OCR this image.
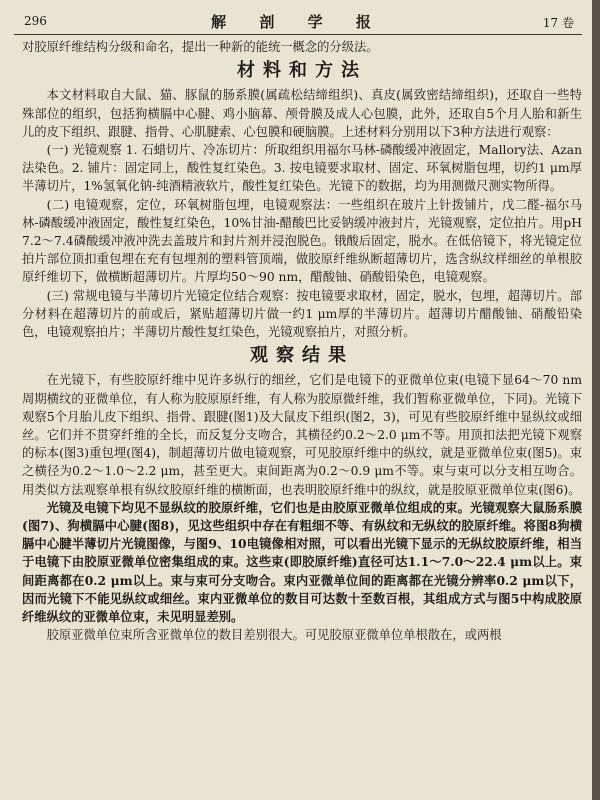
296	解 剖 学 报	17 卷

对胶原纤维结构分级和命名，提出一种新的能统一概念的分级法。

材料和方法

本文材料取自大鼠、猫、豚鼠的肠系膜(属疏松结缔组织)、真皮(属致密结缔组织)，还取自一些特殊部位的组织，包括狗横膈中心腱、鸡小脑幕、颅骨膜及成人心包膜，此外，还取自5个月人胎和新生儿的皮下组织、跟腱、指骨、心肌腱索、心包膜和硬脑膜。上述材料分别用以下3种方法进行观察：

(一) 光镜观察 1. 石蜡切片、冷冻切片：所取组织用福尔马林-磷酸缓冲液固定，Mallory法、Azan法染色。2. 铺片：固定同上，酸性复红染色。3. 按电镜要求取材、固定、环氧树脂包埋，切约1 μm厚半薄切片，1%氢氧化钠-纯酒精液软片，酸性复红染色。光镜下的数据，均为用测微尺测实物所得。

(二) 电镜观察，定位，环氧树脂包埋，电镜观察法：一些组织在玻片上针拨铺片，戊二醛-福尔马林-磷酸缓冲液固定，酸性复红染色，10%甘油-醋酸巴比妥钠缓冲液封片，光镜观察，定位拍片。用pH 7.2～7.4磷酸缓冲液冲洗去盖玻片和封片剂并浸泡脱色。锇酸后固定，脱水。在低倍镜下，将光镜定位拍片部位顶扣重包埋在充有包埋剂的塑料管顶端，做胶原纤维纵断超薄切片，选含纵纹样细丝的单根胶原纤维切下，做横断超薄切片。片厚均50～90 nm，醋酸铀、硝酸铅染色，电镜观察。

(三) 常规电镜与半薄切片光镜定位结合观察：按电镜要求取材，固定，脱水，包埋，超薄切片。部分材料在超薄切片的前或后，紧贴超薄切片做一约1 μm厚的半薄切片。超薄切片醋酸铀、硝酸铅染色，电镜观察拍片；半薄切片酸性复红染色，光镜观察拍片，对照分析。

观察结果

在光镜下，有些胶原纤维中见许多纵行的细丝，它们是电镜下的亚微单位束(电镜下显64～70 nm周期横纹的亚微单位，有人称为胶原原纤维，有人称为胶原微纤维，我们暂称亚微单位，下同)。光镜下观察5个月胎儿皮下组织、指骨、跟腱(图1)及大鼠皮下组织(图2，3)，可见有些胶原纤维中显纵纹或细丝。它们并不贯穿纤维的全长，而反复分支吻合，其横径约0.2～2.0 μm不等。用顶扣法把光镜下观察的标本(图3)重包埋(图4)，制超薄切片做电镜观察，可见胶原纤维中的纵纹，就是亚微单位束(图5)。束之横径为0.2～1.0～2.2 μm，甚至更大。束间距离为0.2～0.9 μm不等。束与束可以分支相互吻合。用类似方法观察单根有纵纹胶原纤维的横断面，也表明胶原纤维中的纵纹，就是胶原亚微单位束(图6)。

光镜及电镜下均见不显纵纹的胶原纤维，它们也是由胶原亚微单位组成的束。光镜观察大鼠肠系膜(图7)、狗横膈中心腱(图8)，见这些组织中存在有粗细不等、有纵纹和无纵纹的胶原纤维。将图8狗横膈中心腱半薄切片光镜图像，与图9、10电镜像相对照，可以看出光镜下显示的无纵纹胶原纤维，相当于电镜下由胶原亚微单位密集组成的束。这些束(即胶原纤维)直径可达1.1～7.0～22.4 μm以上。束间距离都在0.2 μm以上。束与束可分支吻合。束内亚微单位间的距离都在光镜分辨率0.2 μm以下，因而光镜下不能见纵纹或细丝。束内亚微单位的数目可达数十至数百根，其组成方式与图5中构成胶原纤维纵纹的亚微单位束，未见明显差别。

胶原亚微单位束所含亚微单位的数目差别很大。可见胶原亚微单位单根散在，或两根
